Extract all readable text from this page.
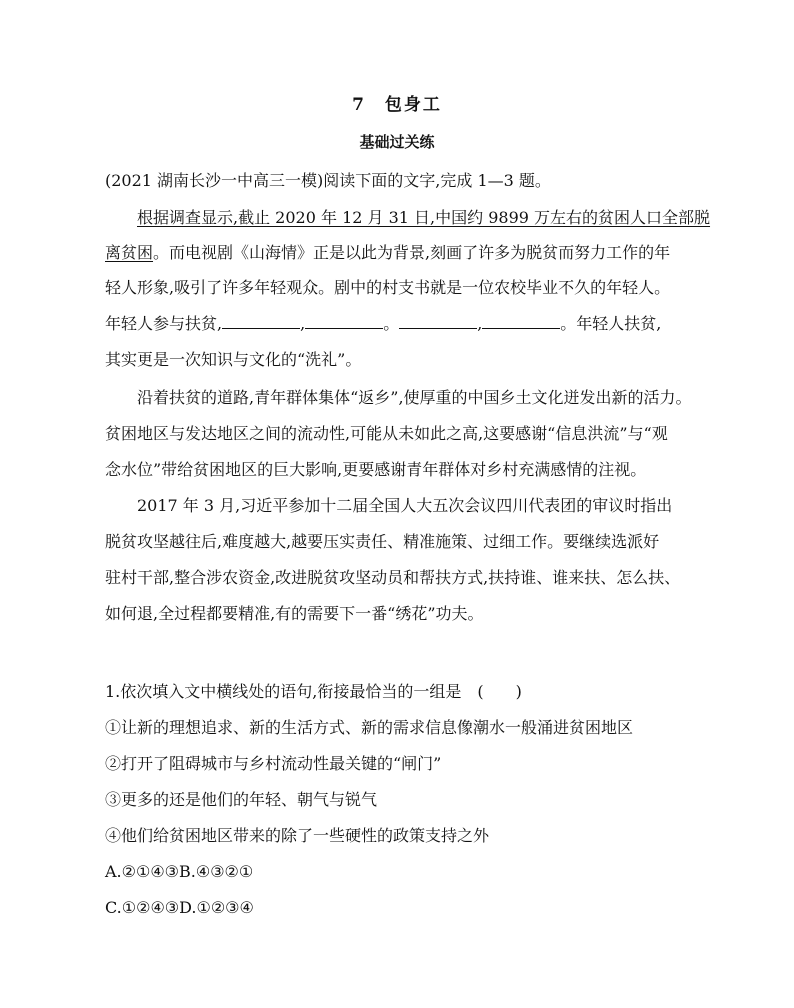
7　包身工
基础过关练
(2021 湖南长沙一中高三一模)阅读下面的文字,完成 1—3 题。
根据调查显示,截止 2020 年 12 月 31 日,中国约 9899 万左右的贫困人口全部脱
离贫困。而电视剧《山海情》正是以此为背景,刻画了许多为脱贫而努力工作的年
轻人形象,吸引了许多年轻观众。剧中的村支书就是一位农校毕业不久的年轻人。
年轻人参与扶贫,	,	。	,	。年轻人扶贫,
其实更是一次知识与文化的“洗礼”。
沿着扶贫的道路,青年群体集体“返乡”,使厚重的中国乡土文化迸发出新的活力。
贫困地区与发达地区之间的流动性,可能从未如此之高,这要感谢“信息洪流”与“观
念水位”带给贫困地区的巨大影响,更要感谢青年群体对乡村充满感情的注视。
2017 年 3 月,习近平参加十二届全国人大五次会议四川代表团的审议时指出
脱贫攻坚越往后,难度越大,越要压实责任、精准施策、过细工作。要继续选派好
驻村干部,整合涉农资金,改进脱贫攻坚动员和帮扶方式,扶持谁、谁来扶、怎么扶、
如何退,全过程都要精准,有的需要下一番“绣花”功夫。
1.依次填入文中横线处的语句,衔接最恰当的一组是　(　　)
①让新的理想追求、新的生活方式、新的需求信息像潮水一般涌进贫困地区
②打开了阻碍城市与乡村流动性最关键的“闸门”
③更多的还是他们的年轻、朝气与锐气
④他们给贫困地区带来的除了一些硬性的政策支持之外
A.②①④③B.④③②①
C.①②④③D.①②③④
